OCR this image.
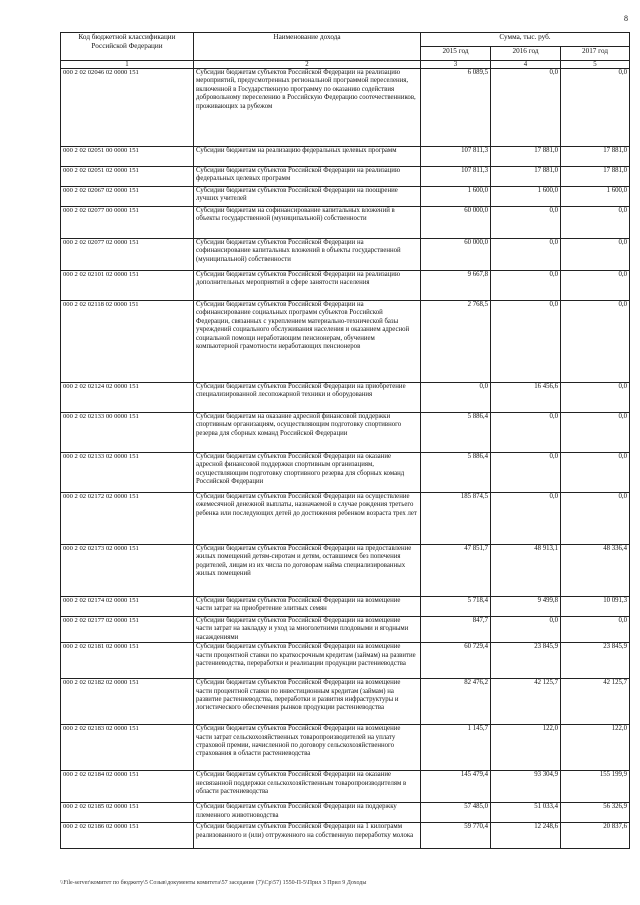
8
Код бюджетной классификации Российской Федерации	Наименование дохода	Сумма, тыс. руб.		
		2015 год	2016 год	2017 год
1	2	3	4	5
000 2 02 02046 02 0000 151	Субсидии бюджетам субъектов Российской Федерации на реализацию мероприятий, предусмотренных региональной программой переселения, включенной в Государственную программу по оказанию содействия добровольному переселению в Российскую Федерацию соотечественников, проживающих за рубежом	6 089,5	0,0	0,0
000 2 02 02051 00 0000 151	Субсидии бюджетам на реализацию федеральных целевых программ	107 811,3	17 881,0	17 881,0
000 2 02 02051 02 0000 151	Субсидии бюджетам субъектов Российской Федерации на реализацию федеральных целевых программ	107 811,3	17 881,0	17 881,0
000 2 02 02067 02 0000 151	Субсидии бюджетам субъектов Российской Федерации на поощрение лучших учителей	1 600,0	1 600,0	1 600,0
000 2 02 02077 00 0000 151	Субсидии бюджетам на софинансирование капитальных вложений в объекты государственной (муниципальной) собственности	60 000,0	0,0	0,0
000 2 02 02077 02 0000 151	Субсидии бюджетам субъектов Российской Федерации на софинансирование капитальных вложений в объекты государственной (муниципальной) собственности	60 000,0	0,0	0,0
000 2 02 02101 02 0000 151	Субсидии бюджетам субъектов Российской Федерации на реализацию дополнительных мероприятий в сфере занятости населения	9 667,8	0,0	0,0
000 2 02 02118 02 0000 151	Субсидии бюджетам субъектов Российской Федерации на софинансирование социальных программ субъектов Российской Федерации, связанных с укреплением материально-технической базы учреждений социального обслуживания населения и оказанием адресной социальной помощи неработающим пенсионерам, обучением компьютерной грамотности неработающих пенсионеров	2 768,5	0,0	0,0
000 2 02 02124 02 0000 151	Субсидии бюджетам субъектов Российской Федерации на приобретение специализированной лесопожарной техники и оборудования	0,0	16 456,6	0,0
000 2 02 02133 00 0000 151	Субсидии бюджетам на оказание адресной финансовой поддержки спортивным организациям, осуществляющим подготовку спортивного резерва для сборных команд Российской Федерации	5 886,4	0,0	0,0
000 2 02 02133 02 0000 151	Субсидии бюджетам субъектов Российской Федерации на оказание адресной финансовой поддержки спортивным организациям, осуществляющим подготовку спортивного резерва для сборных команд Российской Федерации	5 886,4	0,0	0,0
000 2 02 02172 02 0000 151	Субсидии бюджетам субъектов Российской Федерации на осуществление ежемесячной денежной выплаты, назначаемой в случае рождения третьего ребенка или последующих детей до достижения ребенком возраста трех лет	185 874,5	0,0	0,0
000 2 02 02173 02 0000 151	Субсидии бюджетам субъектов Российской Федерации на предоставление жилых помещений детям-сиротам и детям, оставшимся без попечения родителей, лицам из их числа по договорам найма специализированных жилых помещений	47 851,7	48 913,1	48 336,4
000 2 02 02174 02 0000 151	Субсидии бюджетам субъектов Российской Федерации на возмещение части затрат на приобретение элитных семян	5 718,4	9 499,8	10 091,3
000 2 02 02177 02 0000 151	Субсидии бюджетам субъектов Российской Федерации на возмещение части затрат на закладку и уход за многолетними плодовыми и ягодными насаждениями	847,7	0,0	0,0
000 2 02 02181 02 0000 151	Субсидии бюджетам субъектов Российской Федерации на возмещение части процентной ставки по краткосрочным кредитам (займам) на развитие растениеводства, переработки и реализации продукции растениеводства	60 729,4	23 845,9	23 845,9
000 2 02 02182 02 0000 151	Субсидии бюджетам субъектов Российской Федерации на возмещение части процентной ставки по инвестиционным кредитам (займам) на развитие растениеводства, переработки и развития инфраструктуры и логистического обеспечения рынков продукции растениеводства	82 476,2	42 125,7	42 125,7
000 2 02 02183 02 0000 151	Субсидии бюджетам субъектов Российской Федерации на возмещение части затрат сельскохозяйственных товаропроизводителей на уплату страховой премии, начисленной по договору сельскохозяйственного страхования в области растениеводства	1 145,7	122,0	122,0
000 2 02 02184 02 0000 151	Субсидии бюджетам субъектов Российской Федерации на оказание несвязанной поддержки сельскохозяйственным товаропроизводителям в области растениеводства	145 479,4	93 304,9	155 199,9
000 2 02 02185 02 0000 151	Субсидии бюджетам субъектов Российской Федерации на поддержку племенного животноводства	57 485,0	51 033,4	56 326,9
000 2 02 02186 02 0000 151	Субсидии бюджетам субъектов Российской Федерации на 1 килограмм реализованного и (или) отгруженного на собственную переработку молока	59 770,4	12 248,6	20 837,6
\\File-server\комитет по бюджету\5 Созыв\документы комитета\57 заседание (7)\Ср\57) 1550-П-5\Прил 3 Прил 9 Доходы
